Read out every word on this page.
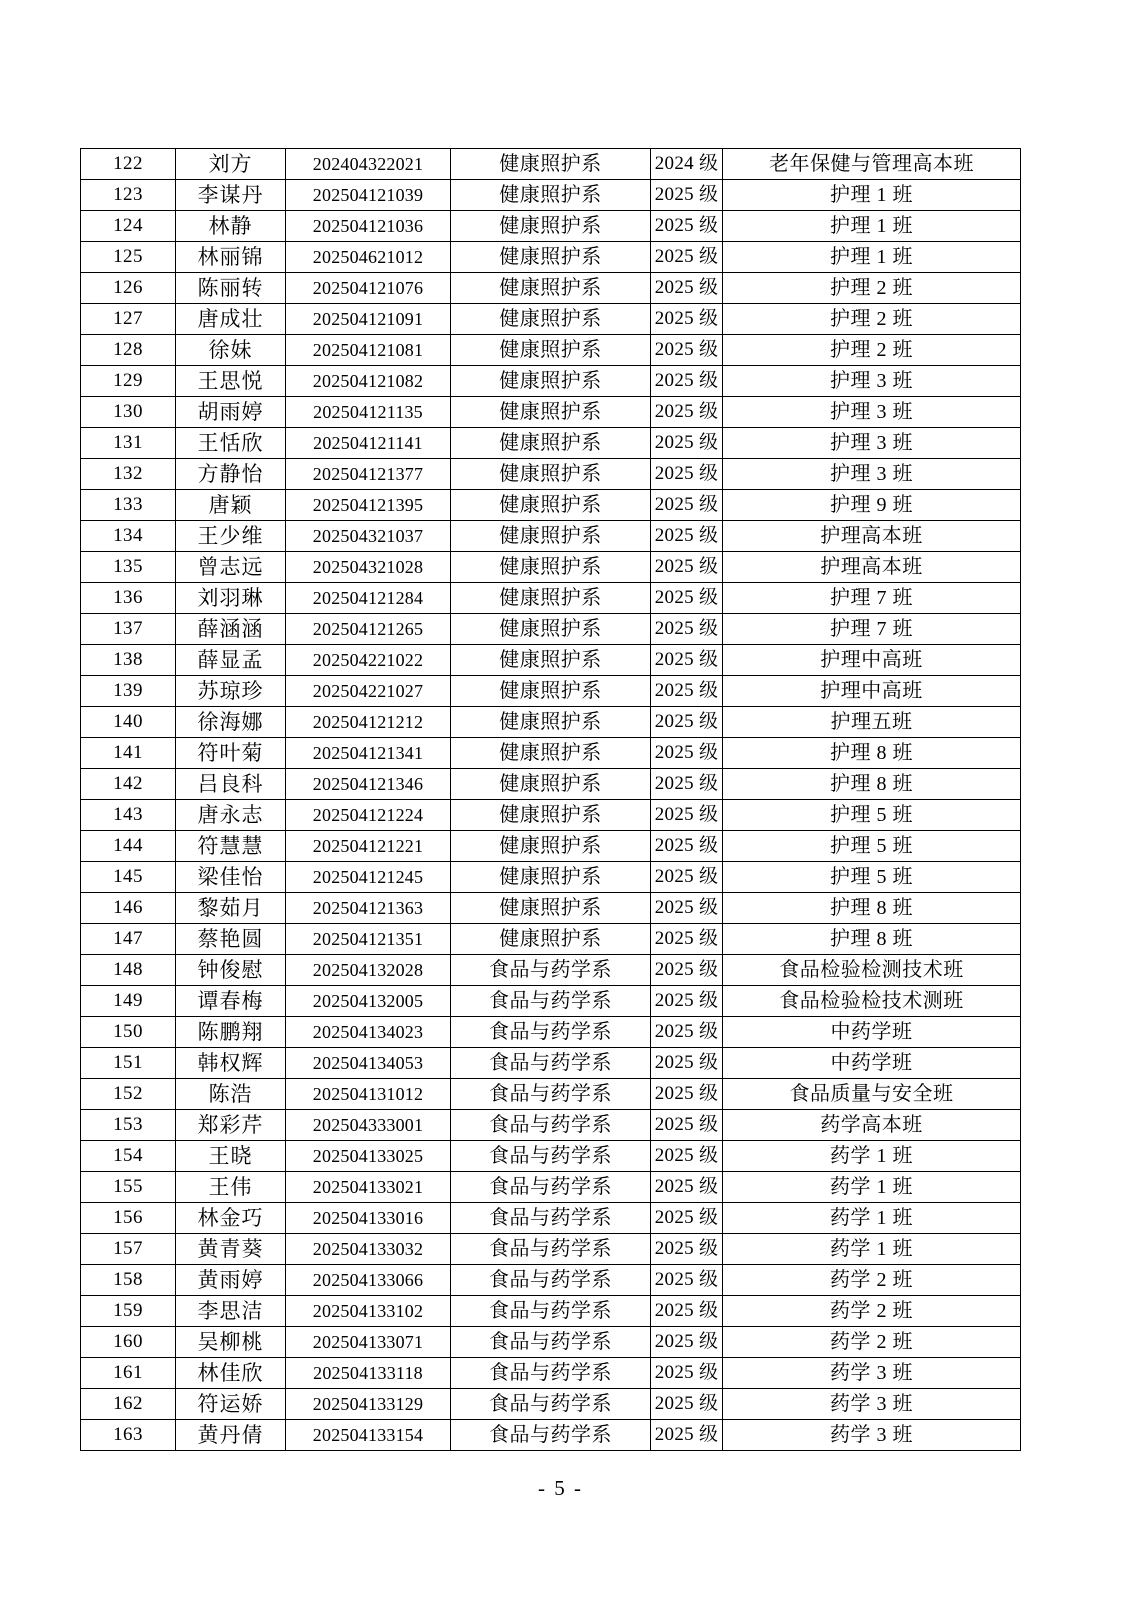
122	刘方	202404322021	健康照护系	2024 级	老年保健与管理高本班
123	李谋丹	202504121039	健康照护系	2025 级	护理 1 班
124	林静	202504121036	健康照护系	2025 级	护理 1 班
125	林丽锦	202504621012	健康照护系	2025 级	护理 1 班
126	陈丽转	202504121076	健康照护系	2025 级	护理 2 班
127	唐成壮	202504121091	健康照护系	2025 级	护理 2 班
128	徐妹	202504121081	健康照护系	2025 级	护理 2 班
129	王思悦	202504121082	健康照护系	2025 级	护理 3 班
130	胡雨婷	202504121135	健康照护系	2025 级	护理 3 班
131	王恬欣	202504121141	健康照护系	2025 级	护理 3 班
132	方静怡	202504121377	健康照护系	2025 级	护理 3 班
133	唐颖	202504121395	健康照护系	2025 级	护理 9 班
134	王少维	202504321037	健康照护系	2025 级	护理高本班
135	曾志远	202504321028	健康照护系	2025 级	护理高本班
136	刘羽琳	202504121284	健康照护系	2025 级	护理 7 班
137	薛涵涵	202504121265	健康照护系	2025 级	护理 7 班
138	薛显孟	202504221022	健康照护系	2025 级	护理中高班
139	苏琼珍	202504221027	健康照护系	2025 级	护理中高班
140	徐海娜	202504121212	健康照护系	2025 级	护理五班
141	符叶菊	202504121341	健康照护系	2025 级	护理 8 班
142	吕良科	202504121346	健康照护系	2025 级	护理 8 班
143	唐永志	202504121224	健康照护系	2025 级	护理 5 班
144	符慧慧	202504121221	健康照护系	2025 级	护理 5 班
145	梁佳怡	202504121245	健康照护系	2025 级	护理 5 班
146	黎茹月	202504121363	健康照护系	2025 级	护理 8 班
147	蔡艳圆	202504121351	健康照护系	2025 级	护理 8 班
148	钟俊慰	202504132028	食品与药学系	2025 级	食品检验检测技术班
149	谭春梅	202504132005	食品与药学系	2025 级	食品检验检技术测班
150	陈鹏翔	202504134023	食品与药学系	2025 级	中药学班
151	韩权辉	202504134053	食品与药学系	2025 级	中药学班
152	陈浩	202504131012	食品与药学系	2025 级	食品质量与安全班
153	郑彩芹	202504333001	食品与药学系	2025 级	药学高本班
154	王晓	202504133025	食品与药学系	2025 级	药学 1 班
155	王伟	202504133021	食品与药学系	2025 级	药学 1 班
156	林金巧	202504133016	食品与药学系	2025 级	药学 1 班
157	黄青葵	202504133032	食品与药学系	2025 级	药学 1 班
158	黄雨婷	202504133066	食品与药学系	2025 级	药学 2 班
159	李思洁	202504133102	食品与药学系	2025 级	药学 2 班
160	吴柳桃	202504133071	食品与药学系	2025 级	药学 2 班
161	林佳欣	202504133118	食品与药学系	2025 级	药学 3 班
162	符运娇	202504133129	食品与药学系	2025 级	药学 3 班
163	黄丹倩	202504133154	食品与药学系	2025 级	药学 3 班
- 5 -
